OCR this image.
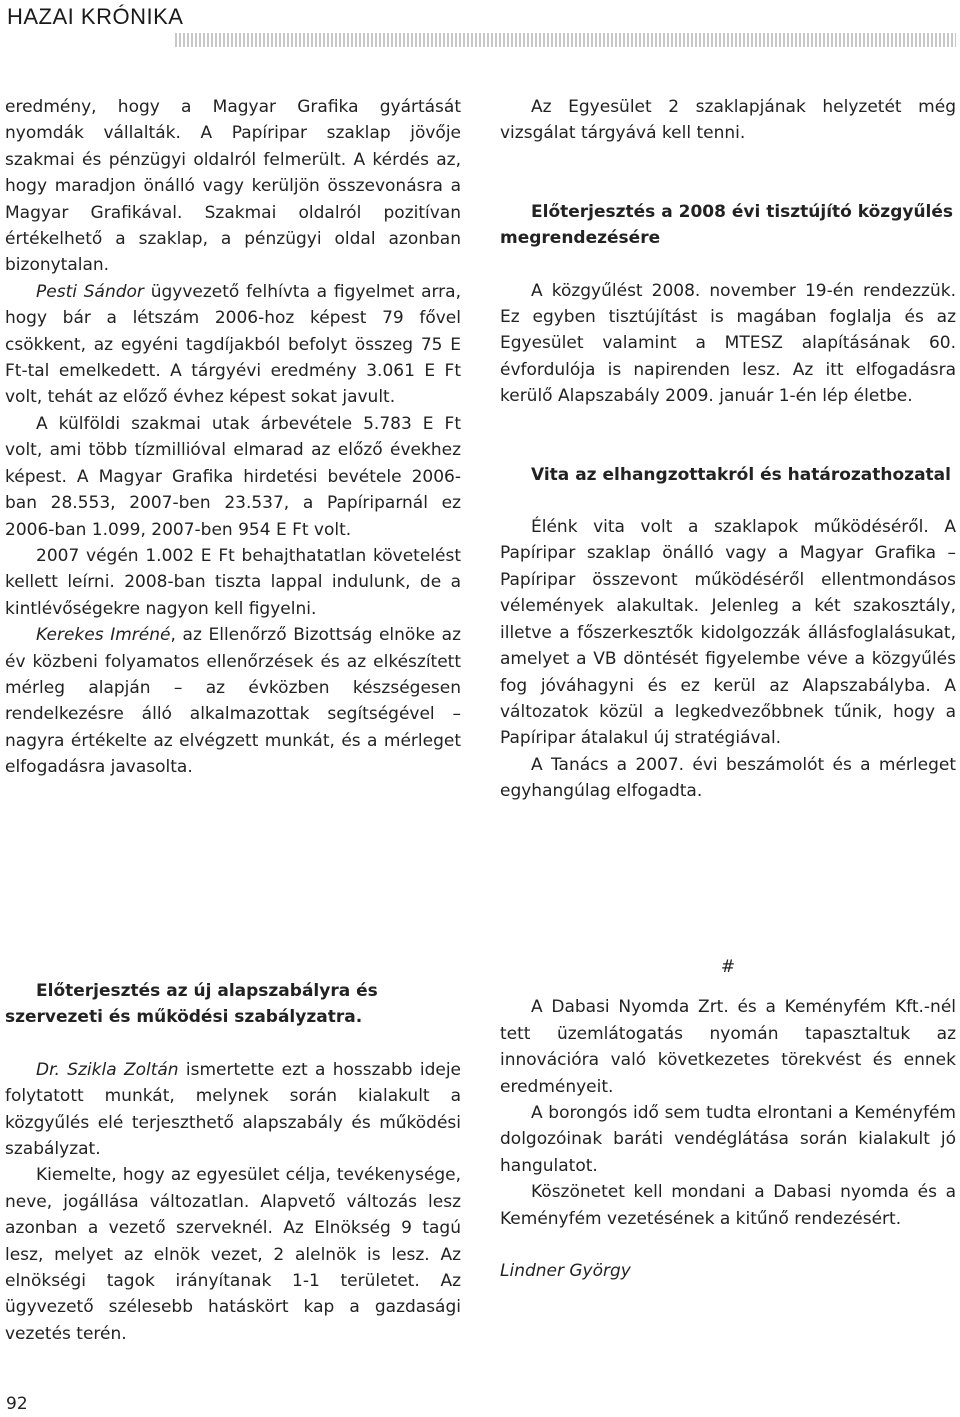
HAZAI KRÓNIKA

eredmény, hogy a Magyar Grafika gyártását nyomdák vállalták. A Papíripar szaklap jövője szakmai és pénzügyi oldalról felmerült. A kérdés az, hogy maradjon önálló vagy kerüljön összevonásra a Magyar Grafikával. Szakmai oldalról pozitívan értékelhető a szaklap, a pénzügyi oldal azonban bizonytalan.

Pesti Sándor ügyvezető felhívta a figyelmet arra, hogy bár a létszám 2006-hoz képest 79 fővel csökkent, az egyéni tagdíjakból befolyt összeg 75 E Ft-tal emelkedett. A tárgyévi eredmény 3.061 E Ft volt, tehát az előző évhez képest sokat javult.

A külföldi szakmai utak árbevétele 5.783 E Ft volt, ami több tízmillióval elmarad az előző évekhez képest. A Magyar Grafika hirdetési bevétele 2006-ban 28.553, 2007-ben 23.537, a Papíriparnál ez 2006-ban 1.099, 2007-ben 954 E Ft volt.

2007 végén 1.002 E Ft behajthatatlan követelést kellett leírni. 2008-ban tiszta lappal indulunk, de a kintlévőségekre nagyon kell figyelni.

Kerekes Imréné, az Ellenőrző Bizottság elnöke az év közbeni folyamatos ellenőrzések és az elkészített mérleg alapján – az évközben készségesen rendelkezésre álló alkalmazottak segítségével – nagyra értékelte az elvégzett munkát, és a mérleget elfogadásra javasolta.

Előterjesztés az új alapszabályra és szervezeti és működési szabályzatra.

Dr. Szikla Zoltán ismertette ezt a hosszabb ideje folytatott munkát, melynek során kialakult a közgyűlés elé terjeszthető alapszabály és működési szabályzat.

Kiemelte, hogy az egyesület célja, tevékenysége, neve, jogállása változatlan. Alapvető változás lesz azonban a vezető szerveknél. Az Elnökség 9 tagú lesz, melyet az elnök vezet, 2 alelnök is lesz. Az elnökségi tagok irányítanak 1-1 területet. Az ügyvezető szélesebb hatáskört kap a gazdasági vezetés terén.

Az Egyesület 2 szaklapjának helyzetét még vizsgálat tárgyává kell tenni.

Előterjesztés a 2008 évi tisztújító közgyűlés megrendezésére

A közgyűlést 2008. november 19-én rendezzük. Ez egyben tisztújítást is magában foglalja és az Egyesület valamint a MTESZ alapításának 60. évfordulója is napirenden lesz. Az itt elfogadásra kerülő Alapszabály 2009. január 1-én lép életbe.

Vita az elhangzottakról és határozathozatal

Élénk vita volt a szaklapok működéséről. A Papíripar szaklap önálló vagy a Magyar Grafika – Papíripar összevont működéséről ellentmondásos vélemények alakultak. Jelenleg a két szakosztály, illetve a főszerkesztők kidolgozzák állásfoglalásukat, amelyet a VB döntését figyelembe véve a közgyűlés fog jóváhagyni és ez kerül az Alapszabályba. A változatok közül a legkedvezőbbnek tűnik, hogy a Papíripar átalakul új stratégiával.

A Tanács a 2007. évi beszámolót és a mérleget egyhangúlag elfogadta.

#

A Dabasi Nyomda Zrt. és a Keményfém Kft.-nél tett üzemlátogatás nyomán tapasztaltuk az innovációra való következetes törekvést és ennek eredményeit.

A borongós idő sem tudta elrontani a Keményfém dolgozóinak baráti vendéglátása során kialakult jó hangulatot.

Köszönetet kell mondani a Dabasi nyomda és a Keményfém vezetésének a kitűnő rendezésért.

Lindner György

92
